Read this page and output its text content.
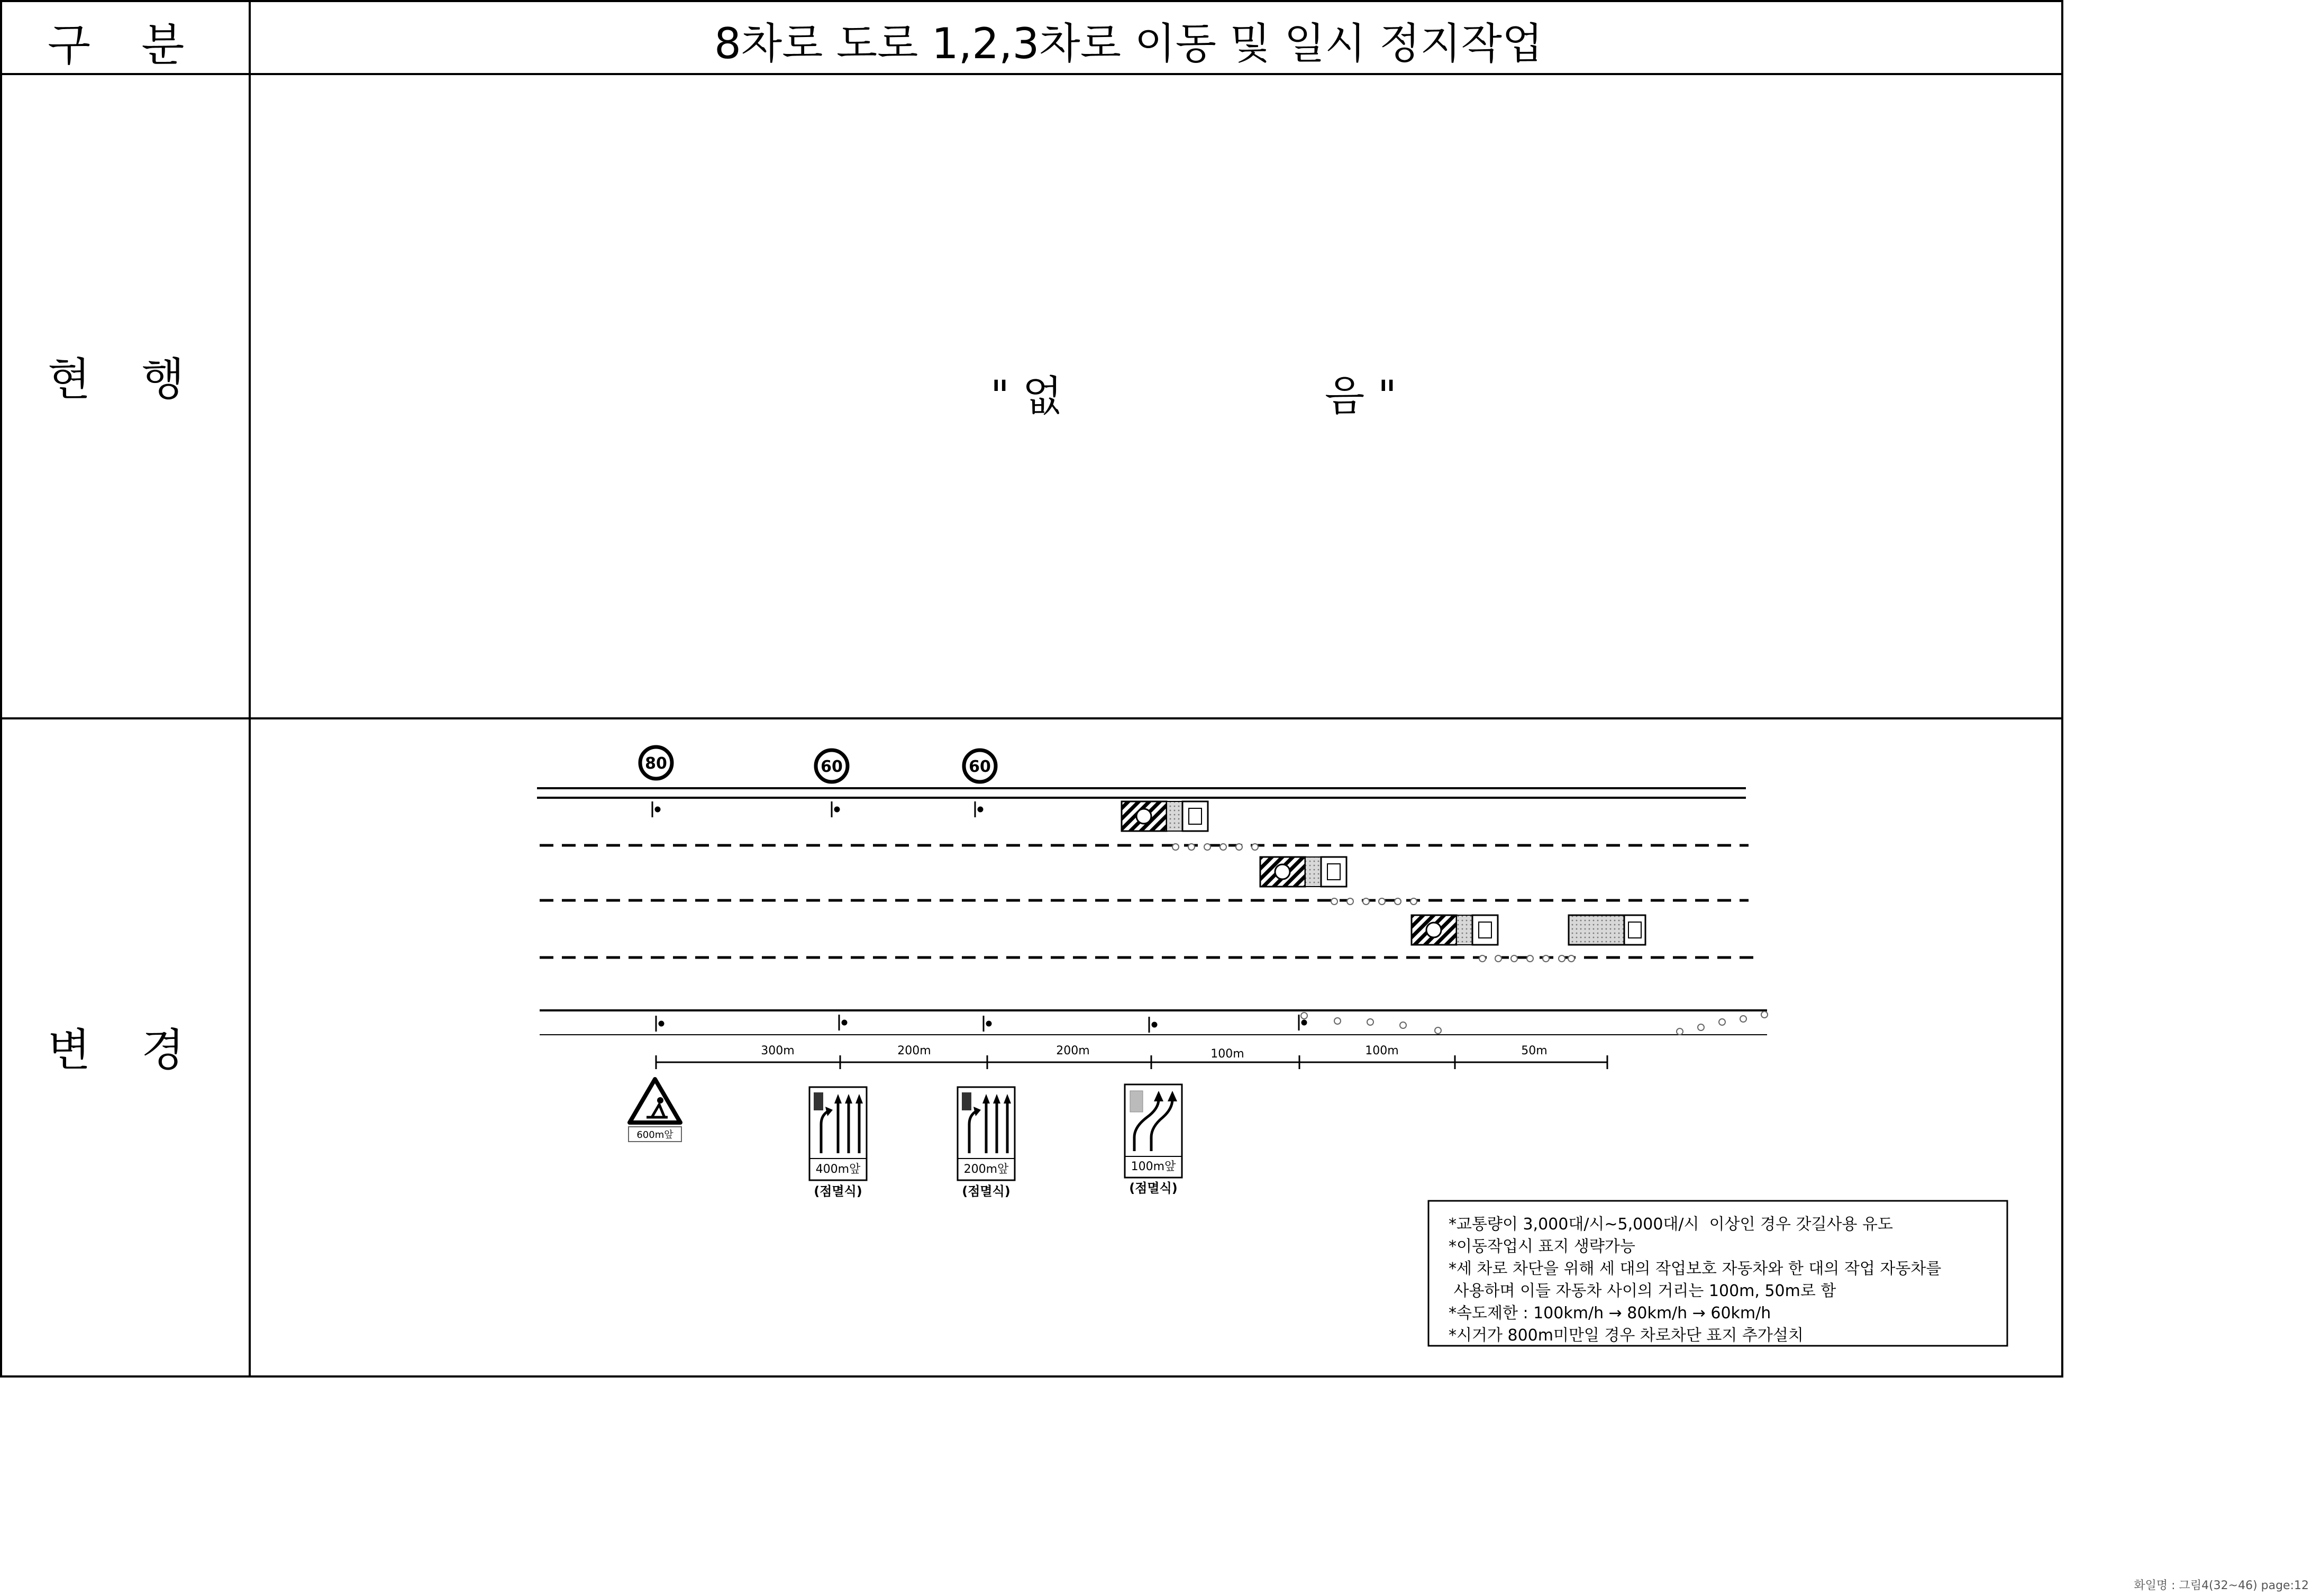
구   분	8차로 도로 1,2,3차로 이동 및 일시 정지작업
현   행	" 없                    음 "
변   경
80	60	60
300m	200m	200m	100m	100m	50m
600m앞
400m앞
(점멸식)
200m앞
(점멸식)
100m앞
(점멸식)
*교통량이 3,000대/시~5,000대/시  이상인 경우 갓길사용 유도
*이동작업시 표지 생략가능
*세 차로 차단을 위해 세 대의 작업보호 자동차와 한 대의 작업 자동차를
사용하며 이들 자동차 사이의 거리는 100m, 50m로 함
*속도제한 : 100km/h → 80km/h → 60km/h
*시거가 800m미만일 경우 차로차단 표지 추가설치
화일명 : 그림4(32~46) page:12
